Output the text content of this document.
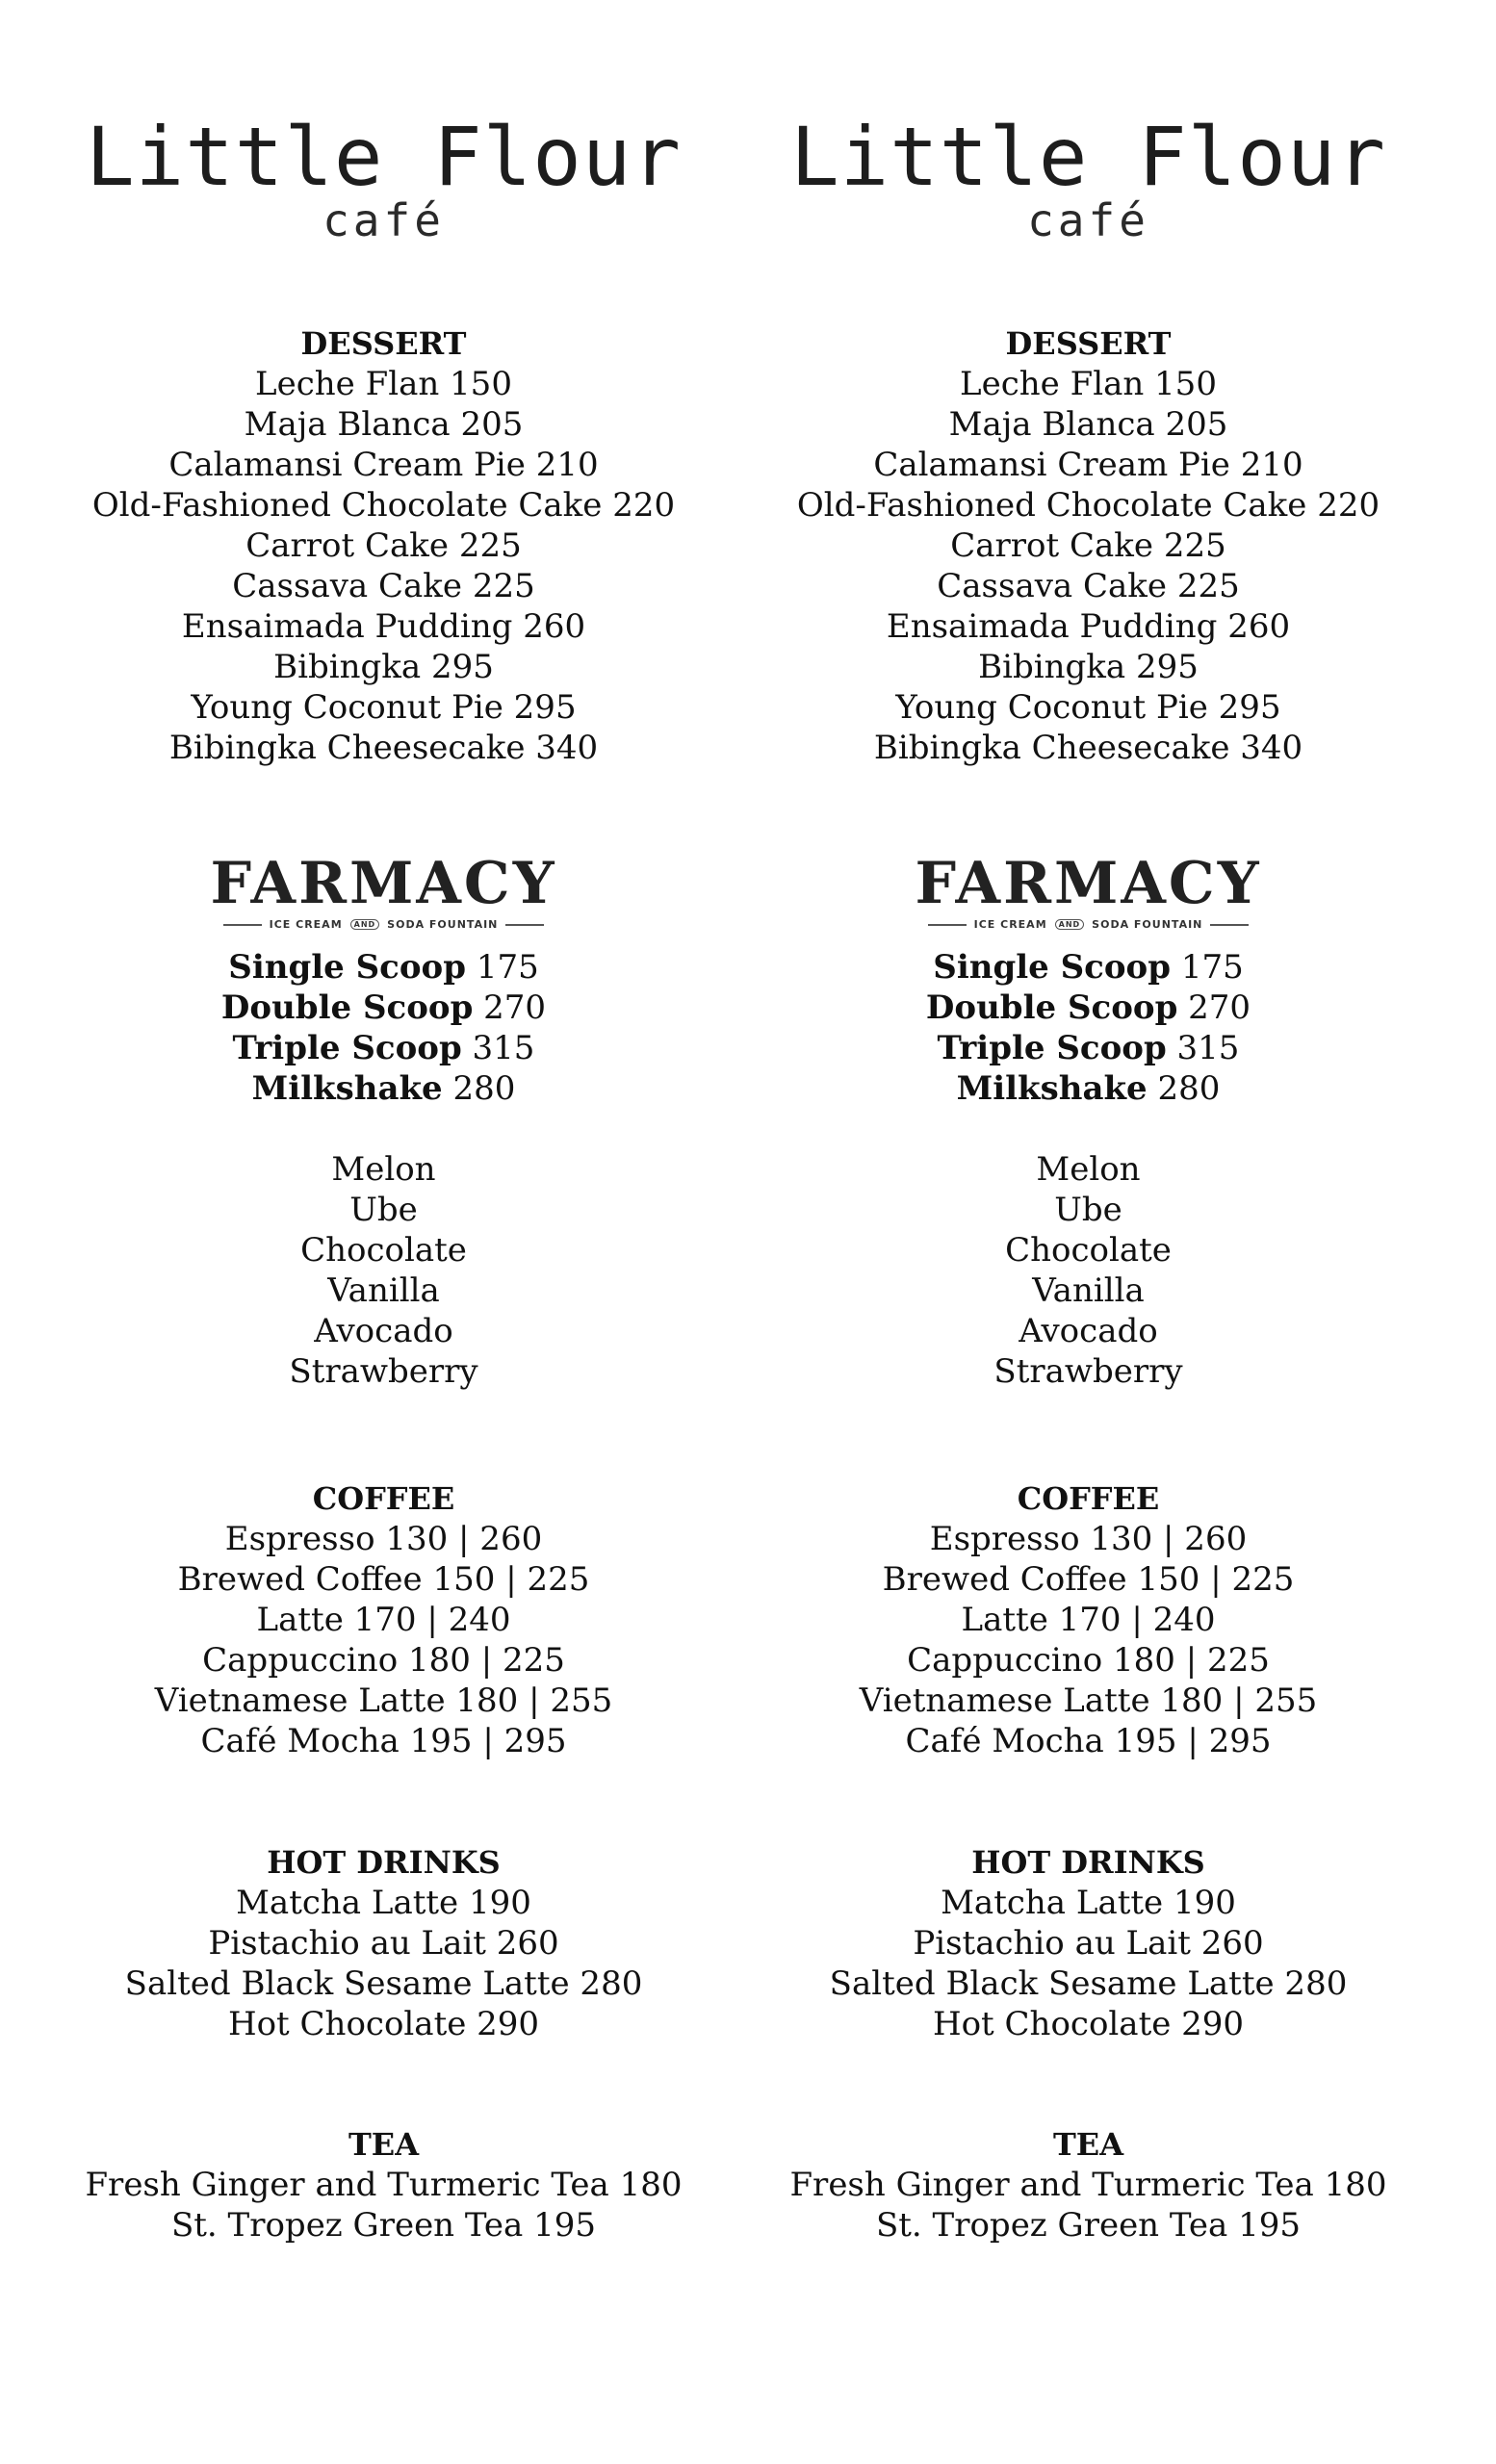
Little Flour
café
DESSERT
Leche Flan 150
Maja Blanca 205
Calamansi Cream Pie 210
Old-Fashioned Chocolate Cake 220
Carrot Cake 225
Cassava Cake 225
Ensaimada Pudding 260
Bibingka 295
Young Coconut Pie 295
Bibingka Cheesecake 340
FARMACY
ICE CREAM	AND	SODA FOUNTAIN
Single Scoop 175
Double Scoop 270
Triple Scoop 315
Milkshake 280
Melon
Ube
Chocolate
Vanilla
Avocado
Strawberry
COFFEE
Espresso 130 | 260
Brewed Coffee 150 | 225
Latte 170 | 240
Cappuccino 180 | 225
Vietnamese Latte 180 | 255
Café Mocha 195 | 295
HOT DRINKS
Matcha Latte 190
Pistachio au Lait 260
Salted Black Sesame Latte 280
Hot Chocolate 290
TEA
Fresh Ginger and Turmeric Tea 180
St. Tropez Green Tea 195
Little Flour
café
DESSERT
Leche Flan 150
Maja Blanca 205
Calamansi Cream Pie 210
Old-Fashioned Chocolate Cake 220
Carrot Cake 225
Cassava Cake 225
Ensaimada Pudding 260
Bibingka 295
Young Coconut Pie 295
Bibingka Cheesecake 340
FARMACY
ICE CREAM	AND	SODA FOUNTAIN
Single Scoop 175
Double Scoop 270
Triple Scoop 315
Milkshake 280
Melon
Ube
Chocolate
Vanilla
Avocado
Strawberry
COFFEE
Espresso 130 | 260
Brewed Coffee 150 | 225
Latte 170 | 240
Cappuccino 180 | 225
Vietnamese Latte 180 | 255
Café Mocha 195 | 295
HOT DRINKS
Matcha Latte 190
Pistachio au Lait 260
Salted Black Sesame Latte 280
Hot Chocolate 290
TEA
Fresh Ginger and Turmeric Tea 180
St. Tropez Green Tea 195
